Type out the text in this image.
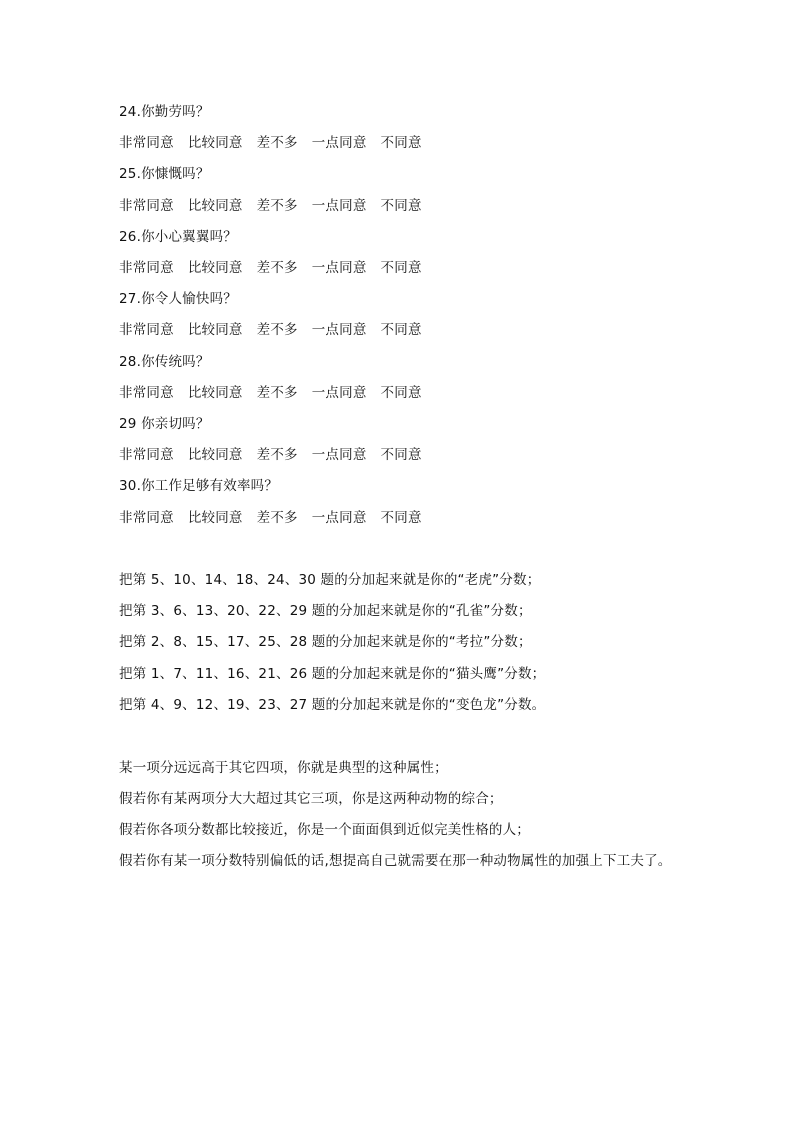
24.你勤劳吗？
非常同意 比较同意 差不多 一点同意 不同意
25.你慷慨吗？
非常同意 比较同意 差不多 一点同意 不同意
26.你小心翼翼吗？
非常同意 比较同意 差不多 一点同意 不同意
27.你令人愉快吗？
非常同意 比较同意 差不多 一点同意 不同意
28.你传统吗？
非常同意 比较同意 差不多 一点同意 不同意
29 你亲切吗？
非常同意 比较同意 差不多 一点同意 不同意
30.你工作足够有效率吗？
非常同意 比较同意 差不多 一点同意 不同意
把第 5、10、14、18、24、30 题的分加起来就是你的“老虎”分数；
把第 3、6、13、20、22、29 题的分加起来就是你的“孔雀”分数；
把第 2、8、15、17、25、28 题的分加起来就是你的“考拉”分数；
把第 1、7、11、16、21、26 题的分加起来就是你的“猫头鹰”分数；
把第 4、9、12、19、23、27 题的分加起来就是你的“变色龙”分数。
某一项分远远高于其它四项，你就是典型的这种属性；
假若你有某两项分大大超过其它三项，你是这两种动物的综合；
假若你各项分数都比较接近，你是一个面面俱到近似完美性格的人；
假若你有某一项分数特别偏低的话,想提高自己就需要在那一种动物属性的加强上下工夫了。
